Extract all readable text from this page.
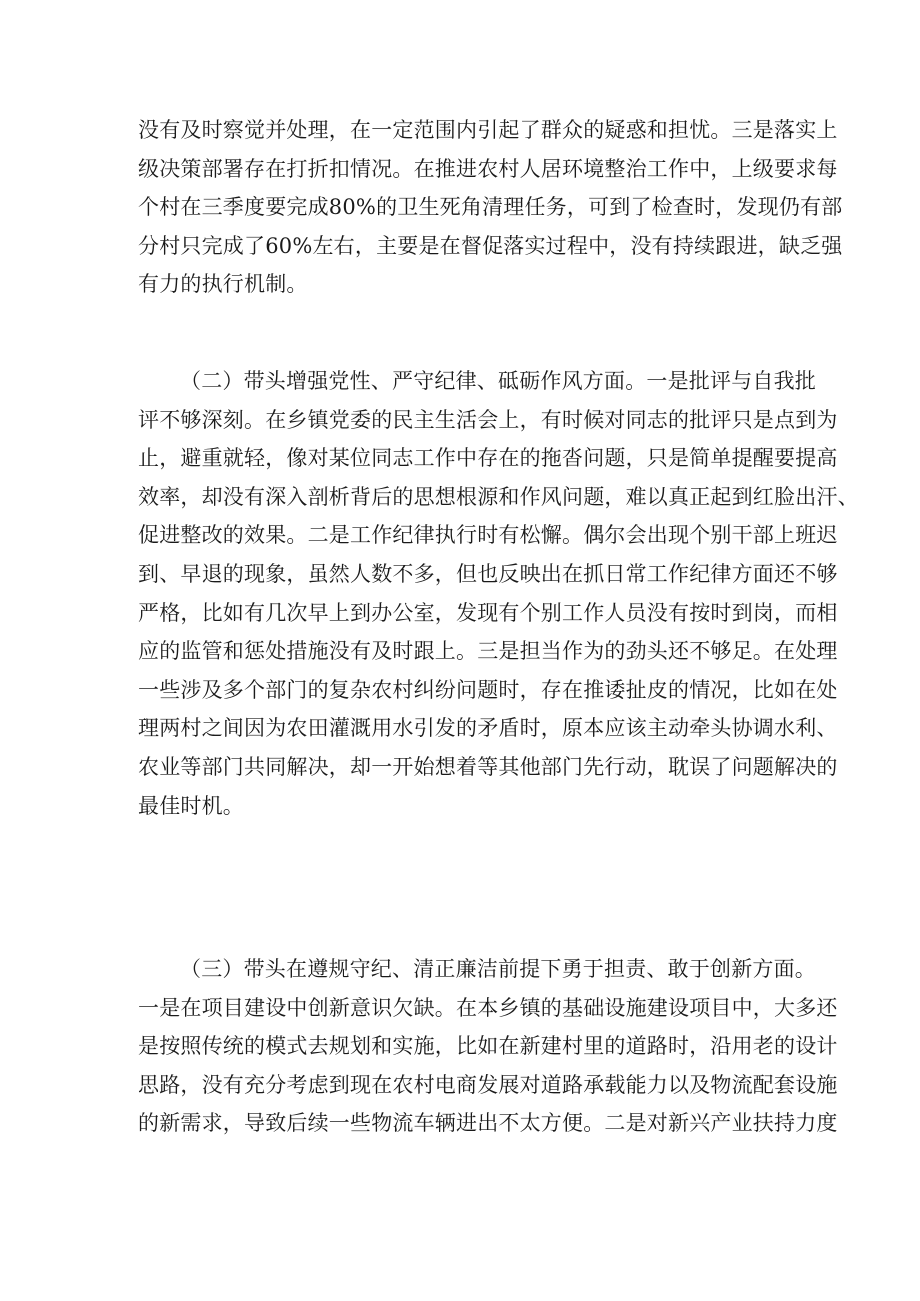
没有及时察觉并处理，在一定范围内引起了群众的疑惑和担忧。三是落实上
级决策部署存在打折扣情况。在推进农村人居环境整治工作中，上级要求每
个村在三季度要完成80%的卫生死角清理任务，可到了检查时，发现仍有部
分村只完成了60%左右，主要是在督促落实过程中，没有持续跟进，缺乏强
有力的执行机制。
（二）带头增强党性、严守纪律、砥砺作风方面。一是批评与自我批
评不够深刻。在乡镇党委的民主生活会上，有时候对同志的批评只是点到为
止，避重就轻，像对某位同志工作中存在的拖沓问题，只是简单提醒要提高
效率，却没有深入剖析背后的思想根源和作风问题，难以真正起到红脸出汗、
促进整改的效果。二是工作纪律执行时有松懈。偶尔会出现个别干部上班迟
到、早退的现象，虽然人数不多，但也反映出在抓日常工作纪律方面还不够
严格，比如有几次早上到办公室，发现有个别工作人员没有按时到岗，而相
应的监管和惩处措施没有及时跟上。三是担当作为的劲头还不够足。在处理
一些涉及多个部门的复杂农村纠纷问题时，存在推诿扯皮的情况，比如在处
理两村之间因为农田灌溉用水引发的矛盾时，原本应该主动牵头协调水利、
农业等部门共同解决，却一开始想着等其他部门先行动，耽误了问题解决的
最佳时机。
（三）带头在遵规守纪、清正廉洁前提下勇于担责、敢于创新方面。
一是在项目建设中创新意识欠缺。在本乡镇的基础设施建设项目中，大多还
是按照传统的模式去规划和实施，比如在新建村里的道路时，沿用老的设计
思路，没有充分考虑到现在农村电商发展对道路承载能力以及物流配套设施
的新需求，导致后续一些物流车辆进出不太方便。二是对新兴产业扶持力度
